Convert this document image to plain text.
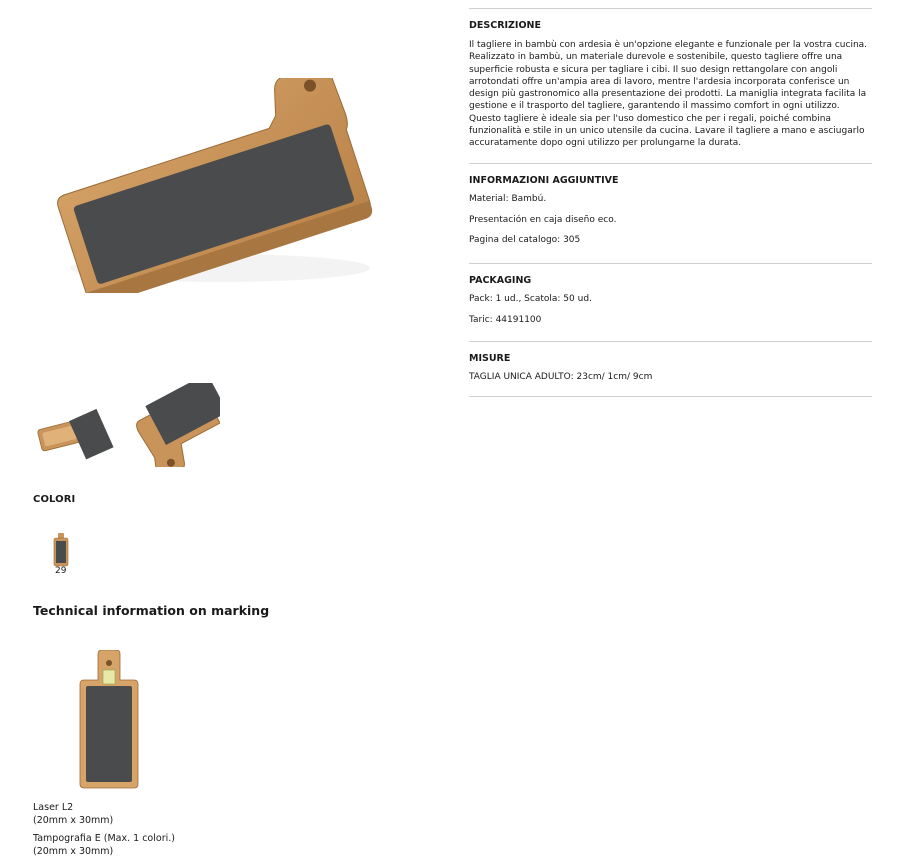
COLORI
29
Technical information on marking
Laser L2
(20mm x 30mm)
Tampografia E (Max. 1 colori.)
(20mm x 30mm)
DESCRIZIONE

Il tagliere in bambù con ardesia è un'opzione elegante e funzionale per la vostra cucina. Realizzato in bambù, un materiale durevole e sostenibile, questo tagliere offre una superficie robusta e sicura per tagliare i cibi. Il suo design rettangolare con angoli arrotondati offre un'ampia area di lavoro, mentre l'ardesia incorporata conferisce un design più gastronomico alla presentazione dei prodotti. La maniglia integrata facilita la gestione e il trasporto del tagliere, garantendo il massimo comfort in ogni utilizzo. Questo tagliere è ideale sia per l'uso domestico che per i regali, poiché combina funzionalità e stile in un unico utensile da cucina. Lavare il tagliere a mano e asciugarlo accuratamente dopo ogni utilizzo per prolungarne la durata.

INFORMAZIONI AGGIUNTIVE
Material: Bambú.
Presentación en caja diseño eco.
Pagina del catalogo: 305
PACKAGING
Pack: 1 ud., Scatola: 50 ud.
Taric: 44191100
MISURE
TAGLIA UNICA ADULTO: 23cm/ 1cm/ 9cm
